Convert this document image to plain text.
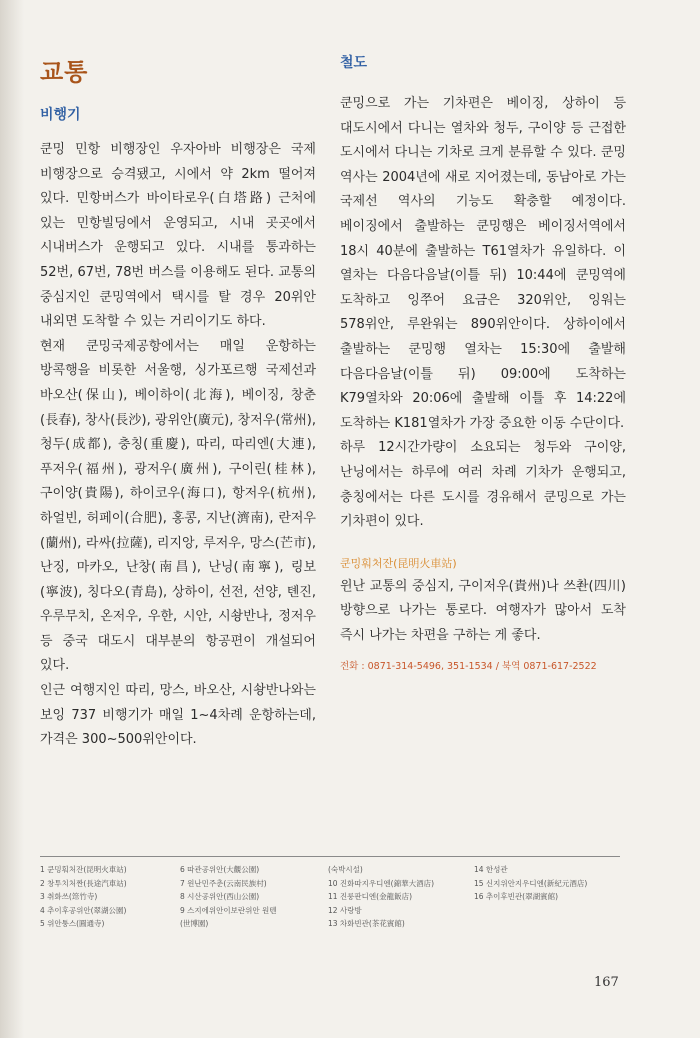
교통
비행기

쿤밍 민항 비행장인 우자아바 비행장은 국제 비행장으로 승격됐고, 시에서 약 2km 떨어져 있다. 민항버스가 바이타로우(白塔路) 근처에 있는 민항빌딩에서 운영되고, 시내 곳곳에서 시내버스가 운행되고 있다. 시내를 통과하는 52번, 67번, 78번 버스를 이용해도 된다. 교통의 중심지인 쿤밍역에서 택시를 탈 경우 20위안 내외면 도착할 수 있는 거리이기도 하다.

현재 쿤밍국제공항에서는 매일 운항하는 방콕행을 비롯한 서울행, 싱가포르행 국제선과 바오산(保山), 베이하이(北海), 베이징, 창춘(長春), 창사(長沙), 광위안(廣元), 창저우(常州), 청두(成都), 충칭(重慶), 따리, 따리엔(大連), 푸저우(福州), 광저우(廣州), 구이린(桂林), 구이양(貴陽), 하이코우(海口), 항저우(杭州), 하얼빈, 허페이(合肥), 홍콩, 지난(濟南), 란저우(蘭州), 라싸(拉薩), 리지앙, 루저우, 망스(芒市), 난징, 마카오, 난창(南昌), 난닝(南寧), 링보(寧波), 칭다오(青島), 상하이, 선전, 선양, 톈진, 우루무치, 온저우, 우한, 시안, 시솽반나, 정저우 등 중국 대도시 대부분의 항공편이 개설되어 있다.

인근 여행지인 따리, 망스, 바오산, 시솽반나와는 보잉 737 비행기가 매일 1~4차례 운항하는데, 가격은 300~500위안이다.

철도

쿤밍으로 가는 기차편은 베이징, 상하이 등 대도시에서 다니는 열차와 청두, 구이양 등 근접한 도시에서 다니는 기차로 크게 분류할 수 있다. 쿤밍 역사는 2004년에 새로 지어졌는데, 동남아로 가는 국제선 역사의 기능도 확충할 예정이다. 베이징에서 출발하는 쿤밍행은 베이징서역에서 18시 40분에 출발하는 T61열차가 유일하다. 이 열차는 다음다음날(이틀 뒤) 10:44에 쿤밍역에 도착하고 잉쭈어 요금은 320위안, 잉워는 578위안, 루완워는 890위안이다. 상하이에서 출발하는 쿤밍행 열차는 15:30에 출발해 다음다음날(이틀 뒤) 09:00에 도착하는 K79열차와 20:06에 출발해 이틀 후 14:22에 도착하는 K181열차가 가장 중요한 이동 수단이다.

하루 12시간가량이 소요되는 청두와 구이양, 난닝에서는 하루에 여러 차례 기차가 운행되고, 충칭에서는 다른 도시를 경유해서 쿤밍으로 가는 기차편이 있다.

쿤밍훠처잔(昆明火車站)

윈난 교통의 중심지, 구이저우(貴州)나 쓰촨(四川) 방향으로 나가는 통로다. 여행자가 많아서 도착 즉시 나가는 차편을 구하는 게 좋다.

전화 : 0871-314-5496, 351-1534 / 북역 0871-617-2522
1 쿤밍훠처잔(昆明火車站)	6 따관공위안(大觀公園)	(숙박시설)	14 한성관
2 창투치처짠(長途汽車站)	7 윈난민주춘(云南民族村)	10 진화따지우디엔(錦華大酒店)	15 신지위안지우디엔(新紀元酒店)
3 취화쓰(筇竹寺)	8 시산공위안(西山公園)	11 진룽판디엔(金龍飯店)	16 추이후빈관(翠湖賓館)
4 추이후공위안(翠湖公園)	9 스지에위안이보란위안 원톈	12 사랑방
5 위안퉁스(圓通寺)	(世博園)	13 차화빈관(茶花賓館)
167
